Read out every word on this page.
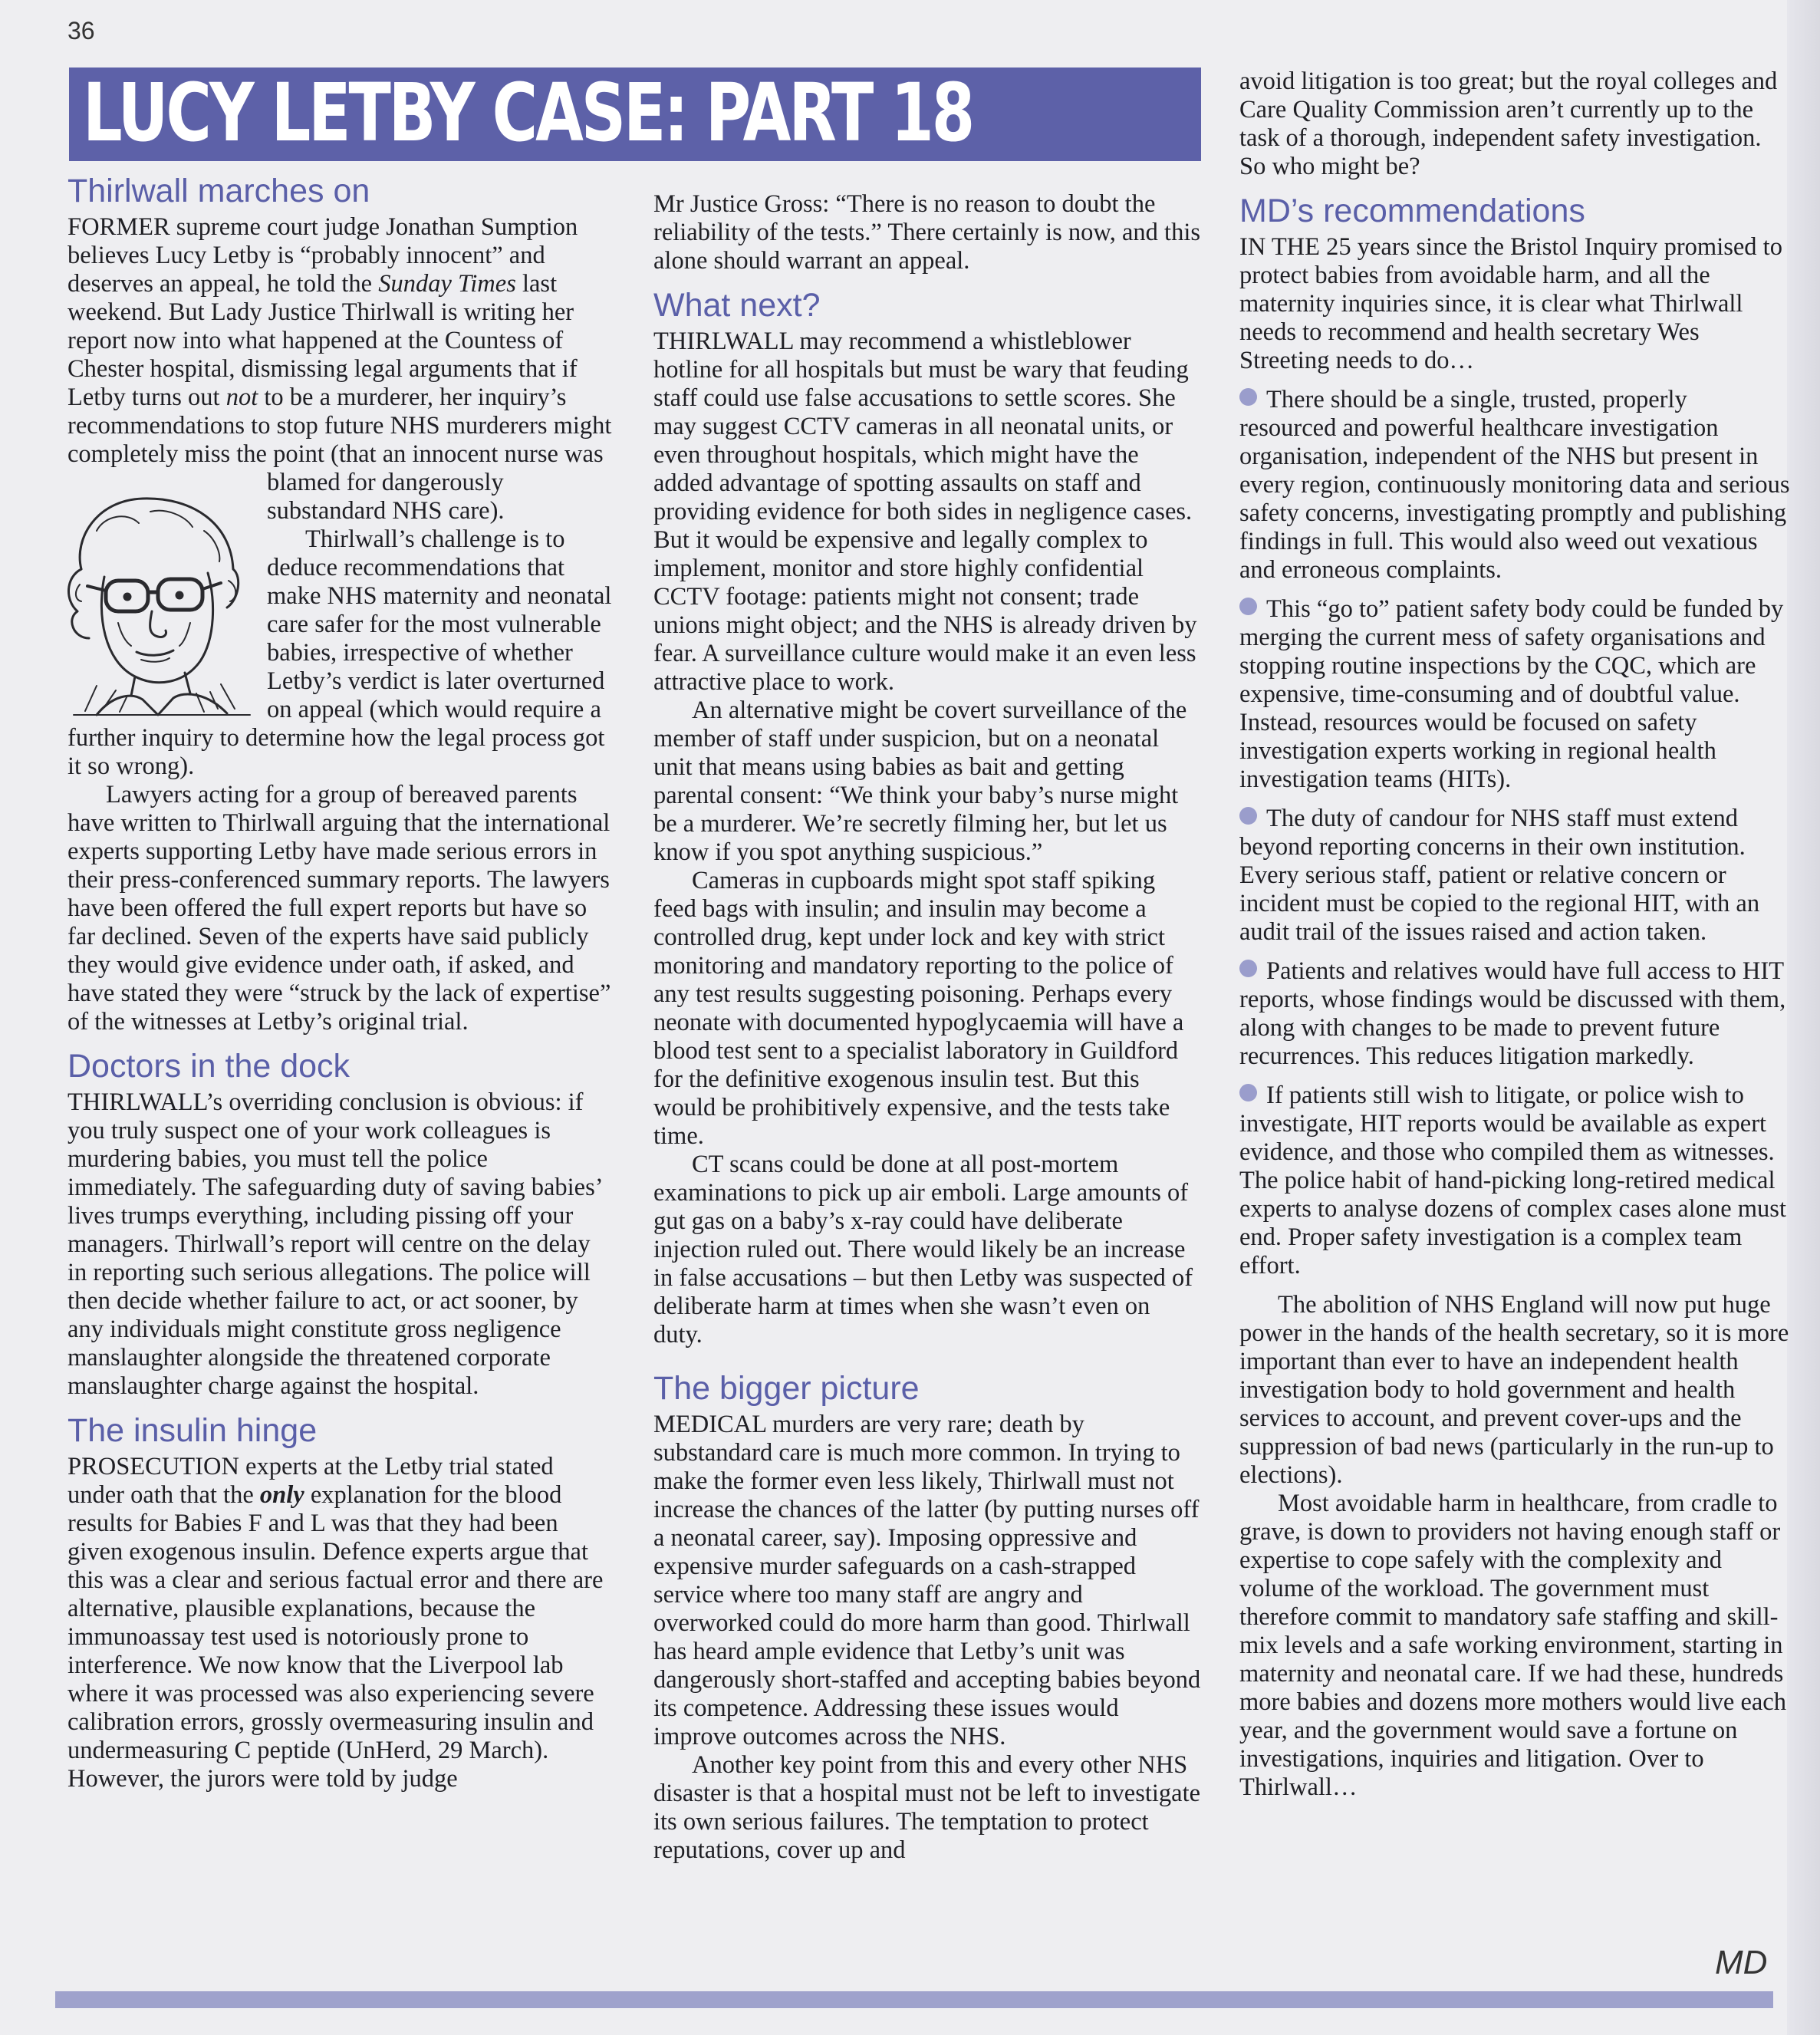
36
LUCY LETBY CASE: PART 18
Thirlwall marches on

FORMER supreme court judge Jonathan Sumption believes Lucy Letby is “probably innocent” and deserves an appeal, he told the Sunday Times last weekend. But Lady Justice Thirlwall is writing her report now into what happened at the Countess of Chester hospital, dismissing legal arguments that if Letby turns out not to be a murderer, her inquiry’s recommendations to stop future NHS murderers might completely miss the point (that an innocent nurse was blamed for dangerously substandard NHS care).

Thirlwall’s challenge is to deduce recommendations that make NHS maternity and neonatal care safer for the most vulnerable babies, irrespective of whether Letby’s verdict is later overturned on appeal (which would require a further inquiry to determine how the legal process got it so wrong).

Lawyers acting for a group of bereaved parents have written to Thirlwall arguing that the international experts supporting Letby have made serious errors in their press-conferenced summary reports. The lawyers have been offered the full expert reports but have so far declined. Seven of the experts have said publicly they would give evidence under oath, if asked, and have stated they were “struck by the lack of expertise” of the witnesses at Letby’s original trial.

Doctors in the dock

THIRLWALL’s overriding conclusion is obvious: if you truly suspect one of your work colleagues is murdering babies, you must tell the police immediately. The safeguarding duty of saving babies’ lives trumps everything, including pissing off your managers. Thirlwall’s report will centre on the delay in reporting such serious allegations. The police will then decide whether failure to act, or act sooner, by any individuals might constitute gross negligence manslaughter alongside the threatened corporate manslaughter charge against the hospital.

The insulin hinge

PROSECUTION experts at the Letby trial stated under oath that the only explanation for the blood results for Babies F and L was that they had been given exogenous insulin. Defence experts argue that this was a clear and serious factual error and there are alternative, plausible explanations, because the immunoassay test used is notoriously prone to interference. We now know that the Liverpool lab where it was processed was also experiencing severe calibration errors, grossly overmeasuring insulin and undermeasuring C peptide (UnHerd, 29 March). However, the jurors were told by judge

Mr Justice Gross: “There is no reason to doubt the reliability of the tests.” There certainly is now, and this alone should warrant an appeal.

What next?

THIRLWALL may recommend a whistleblower hotline for all hospitals but must be wary that feuding staff could use false accusations to settle scores. She may suggest CCTV cameras in all neonatal units, or even throughout hospitals, which might have the added advantage of spotting assaults on staff and providing evidence for both sides in negligence cases. But it would be expensive and legally complex to implement, monitor and store highly confidential CCTV footage: patients might not consent; trade unions might object; and the NHS is already driven by fear. A surveillance culture would make it an even less attractive place to work.

An alternative might be covert surveillance of the member of staff under suspicion, but on a neonatal unit that means using babies as bait and getting parental consent: “We think your baby’s nurse might be a murderer. We’re secretly filming her, but let us know if you spot anything suspicious.”

Cameras in cupboards might spot staff spiking feed bags with insulin; and insulin may become a controlled drug, kept under lock and key with strict monitoring and mandatory reporting to the police of any test results suggesting poisoning. Perhaps every neonate with documented hypoglycaemia will have a blood test sent to a specialist laboratory in Guildford for the definitive exogenous insulin test. But this would be prohibitively expensive, and the tests take time.

CT scans could be done at all post-mortem examinations to pick up air emboli. Large amounts of gut gas on a baby’s x-ray could have deliberate injection ruled out. There would likely be an increase in false accusations – but then Letby was suspected of deliberate harm at times when she wasn’t even on duty.

The bigger picture

MEDICAL murders are very rare; death by substandard care is much more common. In trying to make the former even less likely, Thirlwall must not increase the chances of the latter (by putting nurses off a neonatal career, say). Imposing oppressive and expensive murder safeguards on a cash-strapped service where too many staff are angry and overworked could do more harm than good. Thirlwall has heard ample evidence that Letby’s unit was dangerously short-staffed and accepting babies beyond its competence. Addressing these issues would improve outcomes across the NHS.

Another key point from this and every other NHS disaster is that a hospital must not be left to investigate its own serious failures. The temptation to protect reputations, cover up and

avoid litigation is too great; but the royal colleges and Care Quality Commission aren’t currently up to the task of a thorough, independent safety investigation. So who might be?

MD’s recommendations

IN THE 25 years since the Bristol Inquiry promised to protect babies from avoidable harm, and all the maternity inquiries since, it is clear what Thirlwall needs to recommend and health secretary Wes Streeting needs to do…

There should be a single, trusted, properly resourced and powerful healthcare investigation organisation, independent of the NHS but present in every region, continuously monitoring data and serious safety concerns, investigating promptly and publishing findings in full. This would also weed out vexatious and erroneous complaints.

This “go to” patient safety body could be funded by merging the current mess of safety organisations and stopping routine inspections by the CQC, which are expensive, time-consuming and of doubtful value. Instead, resources would be focused on safety investigation experts working in regional health investigation teams (HITs).

The duty of candour for NHS staff must extend beyond reporting concerns in their own institution. Every serious staff, patient or relative concern or incident must be copied to the regional HIT, with an audit trail of the issues raised and action taken.

Patients and relatives would have full access to HIT reports, whose findings would be discussed with them, along with changes to be made to prevent future recurrences. This reduces litigation markedly.

If patients still wish to litigate, or police wish to investigate, HIT reports would be available as expert evidence, and those who compiled them as witnesses. The police habit of hand-picking long-retired medical experts to analyse dozens of complex cases alone must end. Proper safety investigation is a complex team effort.

The abolition of NHS England will now put huge power in the hands of the health secretary, so it is more important than ever to have an independent health investigation body to hold government and health services to account, and prevent cover-ups and the suppression of bad news (particularly in the run-up to elections).

Most avoidable harm in healthcare, from cradle to grave, is down to providers not having enough staff or expertise to cope safely with the complexity and volume of the workload. The government must therefore commit to mandatory safe staffing and skill-mix levels and a safe working environment, starting in maternity and neonatal care. If we had these, hundreds more babies and dozens more mothers would live each year, and the government would save a fortune on investigations, inquiries and litigation. Over to Thirlwall…

MD
